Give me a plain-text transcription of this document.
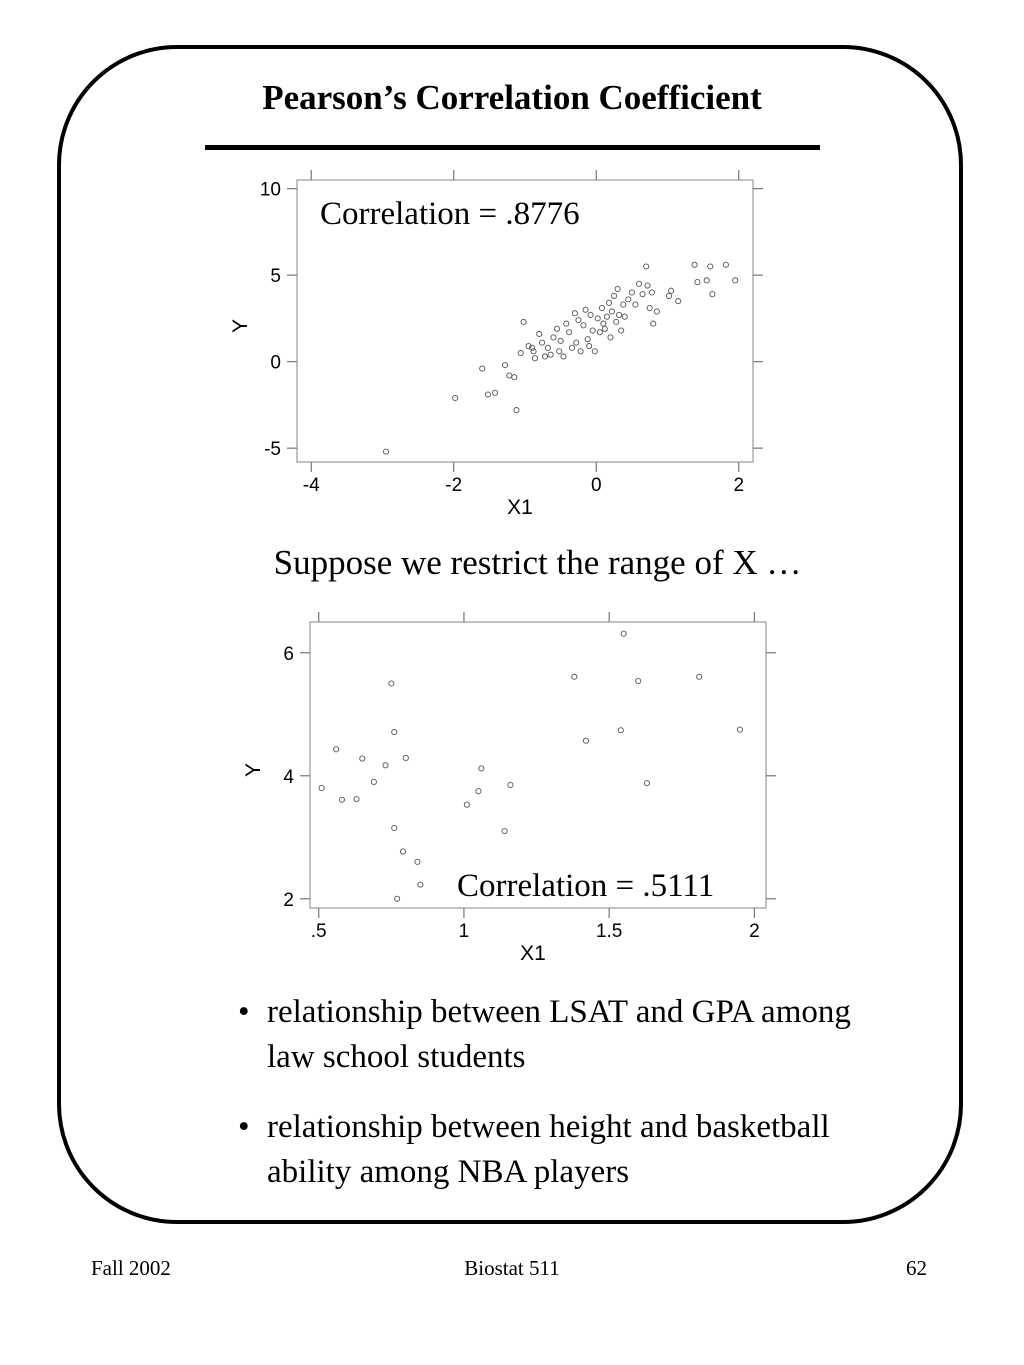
Pearson’s Correlation Coefficient
-5
0
5
10
-4	-2	0	2
X1
Y
Correlation = .8776
Suppose we restrict the range of X …
2
4
6
.5	1	1.5	2
X1
Y
Correlation = .5111
• relationship between LSAT and GPA among law school students
• relationship between height and basketball ability among NBA players
Fall 2002	Biostat 511	62
